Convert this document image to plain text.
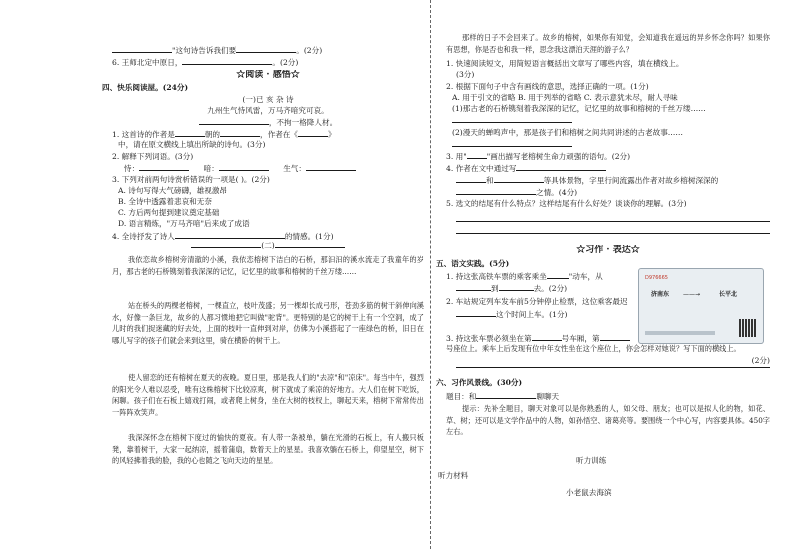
"这句诗告诉我们要	。(2分)
6. 王师北定中原日，	。(2分)
☆阅读 · 感悟☆
四、快乐阅读屋。(24分)
(一)已 亥 杂 诗
九州生气恃风雷，万马齐喑究可哀。
，不拘一格降人材。
1. 这首诗的作者是	朝的	，作者在《	》
中，请在原文横线上填出所缺的诗句。(3分)
2. 解释下列词语。(3分)
恃：	喑：	生气：
3. 下列对前两句诗赏析错误的一项是( )。(2分)
A. 诗句写得大气磅礴，雄视激昂
B. 全诗中透露着悲哀和无奈
C. 方后两句提到建议奠定基础
D. 语言精炼，"万马齐喑"后来成了成语
4. 全诗抒发了诗人	的情感。(1分)
(二)
我依恋故乡榕树旁清澈的小溪，我依恋榕树下洁白的石桥，那汩汩的溪水流走了我童年的岁月，那古老的石桥镌刻着我深深的记忆，记忆里的故事和榕树的千丝万缕……
站在桥头的两棵老榕树，一棵直立，枝叶茂盛；另一棵却长成弓形，苍劲多筋的树干斜伸向溪水，好像一条巨龙，故乡的人都习惯地把它叫做"驼背"。更特别的是它的树干上有一个空洞，成了儿时的我们捉迷藏的好去处，上面的枝叶一直伸到对岸，仿佛为小溪搭起了一座绿色的桥，旧日在哪儿写字的孩子们就会来到这里，骑在横卧的树干上。
使人留恋的还有榕树在夏天的夜晚。夏日里，那是我人们的"去凉"和"凉床"。每当中午，强烈的阳光令人难以忍受，唯有这株榕树下比较凉爽，树下就成了乘凉的好地方。大人们在树下吃饭，闲聊。孩子们在石板上嬉戏打闹，或者爬上树身，坐在大树的枝杈上，聊起天来，榕树下常常传出一阵阵欢笑声。
我深深怀念在榕树下度过的愉快的夏夜。有人带一条被单，躺在光滑的石板上，有人搬只板凳，靠着树干，大家一起纳凉，摇着蒲扇，数着天上的星星。我喜欢躺在石桥上，仰望星空，树下的风轻拂着我的脸，我的心也随之飞向天边的星星。
那样的日子不会回来了。故乡的榕树，如果你有知觉，会知道我在遥远的异乡怀念你吗？如果你有思想，你是否也和我一样，思念我这漂泊天涯的游子么？
1. 快速阅读短文，用简短语言概括出文章写了哪些内容，填在横线上。
(3分)
2. 根据下面句子中含有画线的意思，选择正确的一项。(1分)
A. 用于引文的省略 B. 用于列举的省略 C. 表示意犹未尽，耐人寻味
(1)那古老的石桥镌刻着我深深的记忆，记忆里的故事和榕树的千丝万缕……
(2)漫天的蝉鸣声中，那是孩子们和榕树之间共同讲述的古老故事……
3. 用"	"画出描写老榕树生命力顽强的语句。(2分)
4. 作者在文中通过写
和	等具体景物，字里行间流露出作者对故乡榕树深深的
之情。(4分)
5. 选文的结尾有什么特点？这样结尾有什么好处？谈谈你的理解。(3分)
☆习作 · 表达☆
五、语文实践。(5分)
1. 持这张高铁车票的乘客乘坐	"动车，从
到	去。(2分)
2. 车站规定列车发车前5分钟停止检票，这位乘客最迟
这个时间上车。(1分)
D976665
济南东 ——→	长平北
3. 持这张车票必须坐在第	号车厢，第
号座位上。乘车上后发现有位中年女性坐在这个座位上，你会怎样对她说？写下面的横线上。
(2分)
六、习作风景线。(30分)
题目：和	聊聊天
提示：先补全题目，聊天对象可以是你熟悉的人，如父母、朋友；也可以是拟人化的物，如花、草、树；还可以是文学作品中的人物，如孙悟空、诸葛亮等。要围绕一个中心写，内容要具体。450字左右。
听力训练
听力材料
小老鼠去海滨
